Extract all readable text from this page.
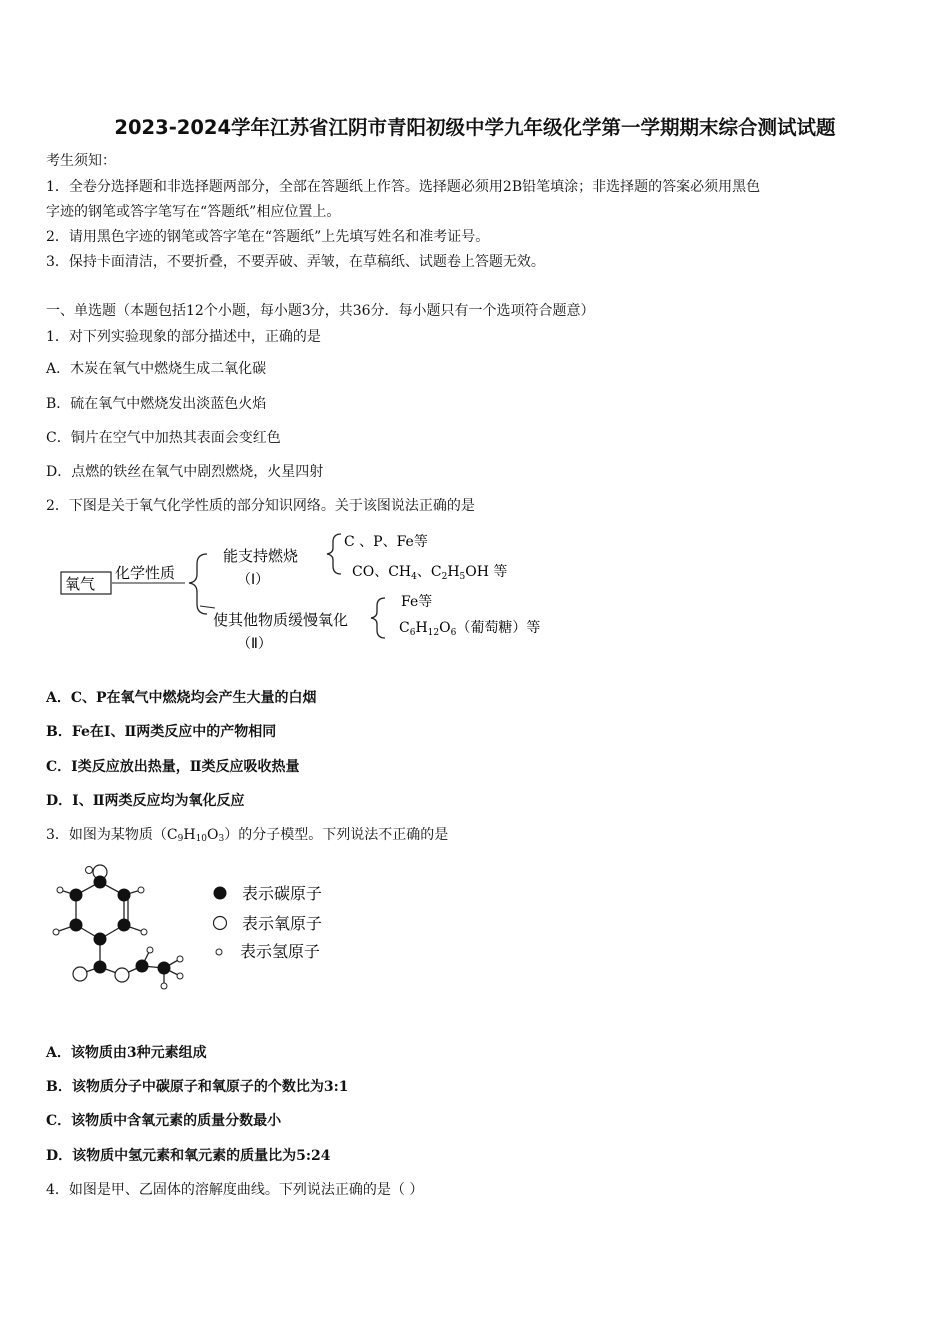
2023-2024学年江苏省江阴市青阳初级中学九年级化学第一学期期末综合测试试题
考生须知：
1．全卷分选择题和非选择题两部分，全部在答题纸上作答。选择题必须用2B铅笔填涂；非选择题的答案必须用黑色
字迹的钢笔或答字笔写在“答题纸”相应位置上。
2．请用黑色字迹的钢笔或答字笔在“答题纸”上先填写姓名和准考证号。
3．保持卡面清洁，不要折叠，不要弄破、弄皱，在草稿纸、试题卷上答题无效。
一、单选题（本题包括12个小题，每小题3分，共36分．每小题只有一个选项符合题意）
1．对下列实验现象的部分描述中，正确的是
A．木炭在氧气中燃烧生成二氧化碳
B．硫在氧气中燃烧发出淡蓝色火焰
C．铜片在空气中加热其表面会变红色
D．点燃的铁丝在氧气中剧烈燃烧，火星四射
2．下图是关于氧气化学性质的部分知识网络。关于该图说法正确的是
氧气
化学性质
能支持燃烧
（Ⅰ）
使其他物质缓慢氧化
（Ⅱ）
C 、P、Fe等
CO、$CH_4$、$C_2H_5OH$ 等
Fe等
$C_6H_{12}O_6$（葡萄糖）等
A．C、P在氧气中燃烧均会产生大量的白烟
B．Fe在Ⅰ、Ⅱ两类反应中的产物相同
C．Ⅰ类反应放出热量，Ⅱ类反应吸收热量
D．Ⅰ、Ⅱ两类反应均为氧化反应
3．如图为某物质$(C_9H_{10}O_3)$的分子模型。下列说法不正确的是
表示碳原子
表示氧原子
表示氢原子
A．该物质由3种元素组成
B．该物质分子中碳原子和氧原子的个数比为3:1
C．该物质中含氧元素的质量分数最小
D．该物质中氢元素和氧元素的质量比为5:24
4．如图是甲、乙固体的溶解度曲线。下列说法正确的是（ ）
